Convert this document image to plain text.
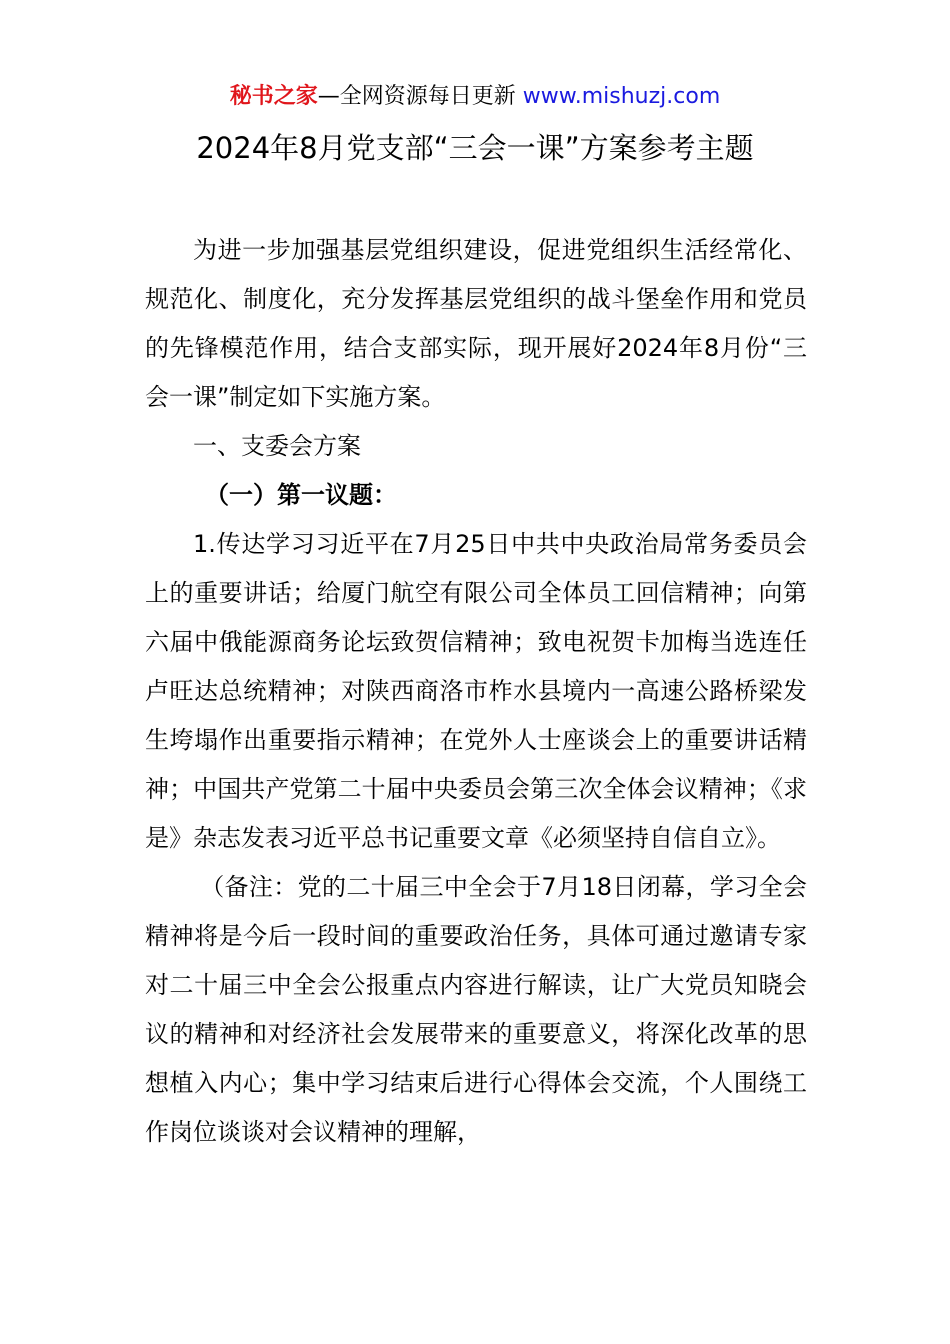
秘书之家—全网资源每日更新 www.mishuzj.com
2024年8月党支部“三会一课”方案参考主题

为进一步加强基层党组织建设，促进党组织生活经常化、规范化、制度化，充分发挥基层党组织的战斗堡垒作用和党员的先锋模范作用，结合支部实际，现开展好2024年8月份“三会一课”制定如下实施方案。

一、支委会方案

（一）第一议题：

1.传达学习习近平在7月25日中共中央政治局常务委员会上的重要讲话；给厦门航空有限公司全体员工回信精神；向第六届中俄能源商务论坛致贺信精神；致电祝贺卡加梅当选连任卢旺达总统精神；对陕西商洛市柞水县境内一高速公路桥梁发生垮塌作出重要指示精神；在党外人士座谈会上的重要讲话精神；中国共产党第二十届中央委员会第三次全体会议精神；《求是》杂志发表习近平总书记重要文章《必须坚持自信自立》。

（备注：党的二十届三中全会于7月18日闭幕，学习全会精神将是今后一段时间的重要政治任务，具体可通过邀请专家对二十届三中全会公报重点内容进行解读，让广大党员知晓会议的精神和对经济社会发展带来的重要意义，将深化改革的思想植入内心；集中学习结束后进行心得体会交流，个人围绕工作岗位谈谈对会议精神的理解，
